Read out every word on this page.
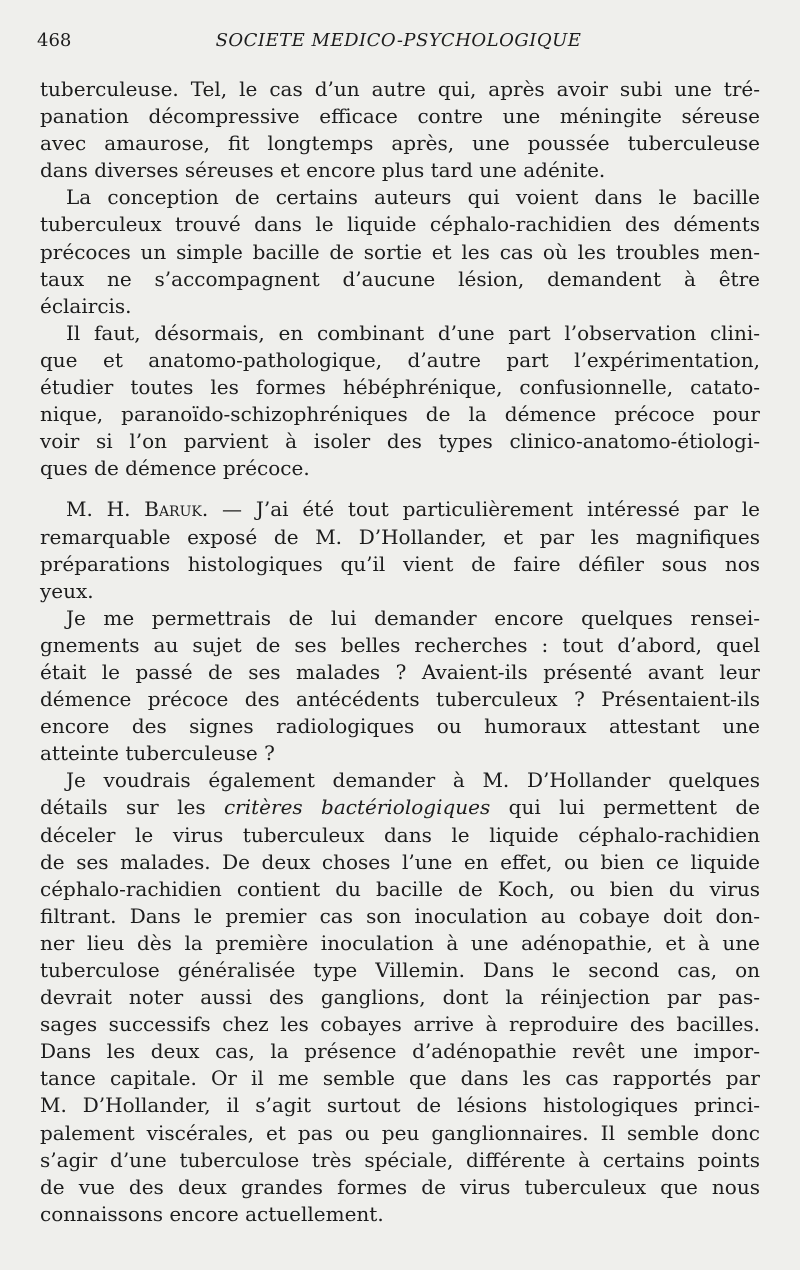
468	SOCIETE MEDICO-PSYCHOLOGIQUE
tuberculeuse. Tel, le cas d’un autre qui, après avoir subi une tré-
panation décompressive efficace contre une méningite séreuse
avec amaurose, fit longtemps après, une poussée tuberculeuse
dans diverses séreuses et encore plus tard une adénite.
La conception de certains auteurs qui voient dans le bacille
tuberculeux trouvé dans le liquide céphalo-rachidien des déments
précoces un simple bacille de sortie et les cas où les troubles men-
taux ne s’accompagnent d’aucune lésion, demandent à être
éclaircis.
Il faut, désormais, en combinant d’une part l’observation clini-
que et anatomo-pathologique, d’autre part l’expérimentation,
étudier toutes les formes hébéphrénique, confusionnelle, catato-
nique, paranoïdo-schizophréniques de la démence précoce pour
voir si l’on parvient à isoler des types clinico-anatomo-étiologi-
ques de démence précoce.
M. H. Baruk. — J’ai été tout particulièrement intéressé par le
remarquable exposé de M. D’Hollander, et par les magnifiques
préparations histologiques qu’il vient de faire défiler sous nos
yeux.
Je me permettrais de lui demander encore quelques rensei-
gnements au sujet de ses belles recherches : tout d’abord, quel
était le passé de ses malades ? Avaient-ils présenté avant leur
démence précoce des antécédents tuberculeux ? Présentaient-ils
encore des signes radiologiques ou humoraux attestant une
atteinte tuberculeuse ?
Je voudrais également demander à M. D’Hollander quelques
détails sur les critères bactériologiques qui lui permettent de
déceler le virus tuberculeux dans le liquide céphalo-rachidien
de ses malades. De deux choses l’une en effet, ou bien ce liquide
céphalo-rachidien contient du bacille de Koch, ou bien du virus
filtrant. Dans le premier cas son inoculation au cobaye doit don-
ner lieu dès la première inoculation à une adénopathie, et à une
tuberculose généralisée type Villemin. Dans le second cas, on
devrait noter aussi des ganglions, dont la réinjection par pas-
sages successifs chez les cobayes arrive à reproduire des bacilles.
Dans les deux cas, la présence d’adénopathie revêt une impor-
tance capitale. Or il me semble que dans les cas rapportés par
M. D’Hollander, il s’agit surtout de lésions histologiques princi-
palement viscérales, et pas ou peu ganglionnaires. Il semble donc
s’agir d’une tuberculose très spéciale, différente à certains points
de vue des deux grandes formes de virus tuberculeux que nous
connaissons encore actuellement.
